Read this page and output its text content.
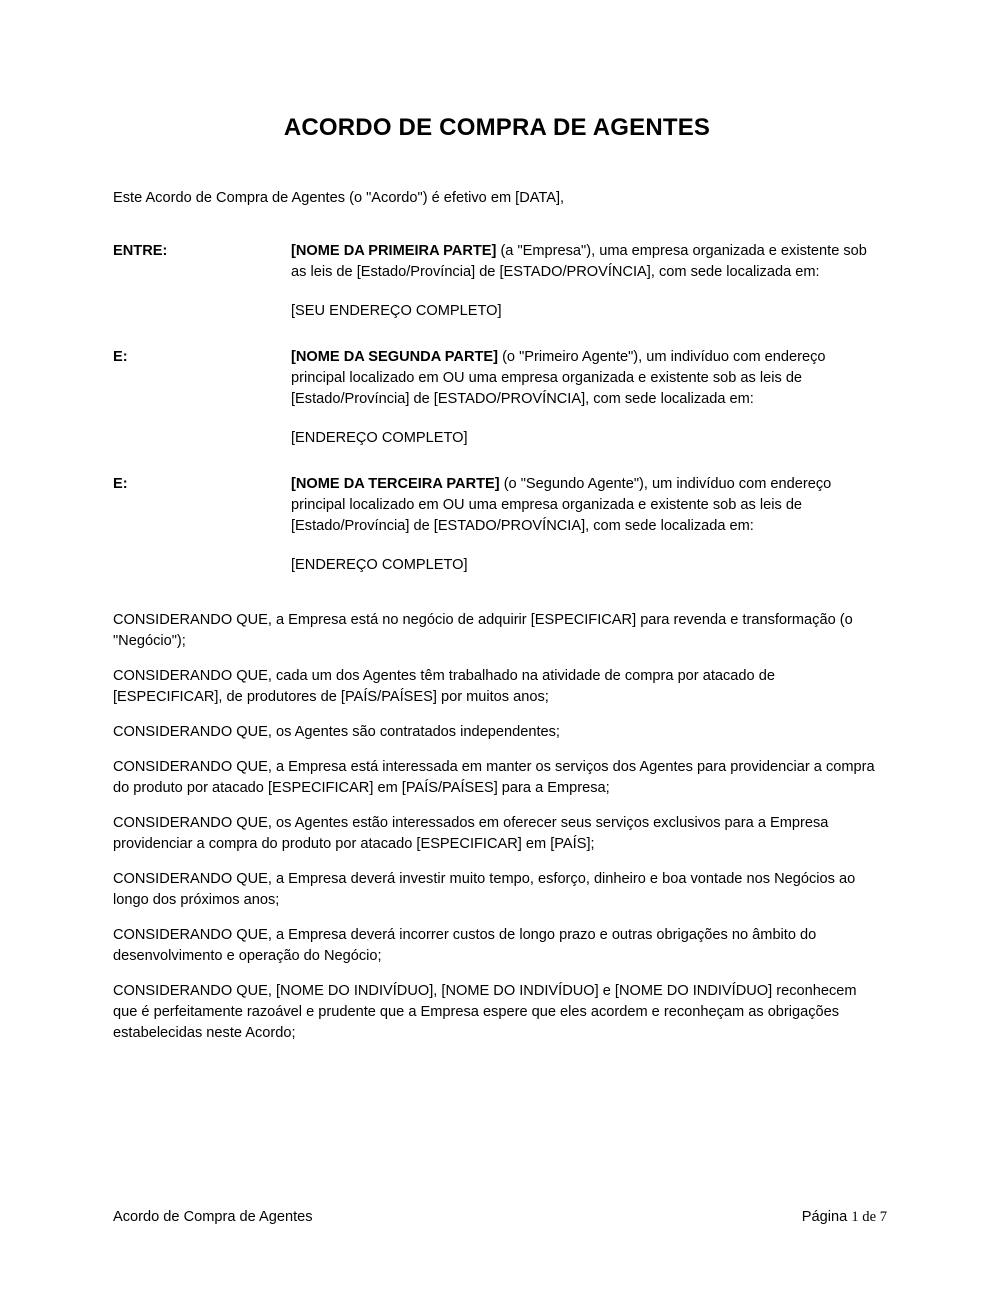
ACORDO DE COMPRA DE AGENTES

Este Acordo de Compra de Agentes (o "Acordo") é efetivo em [DATA],

ENTRE:	[NOME DA PRIMEIRA PARTE] (a "Empresa"), uma empresa organizada e existente sob as leis de [Estado/Província] de [ESTADO/PROVÍNCIA], com sede localizada em:

[SEU ENDEREÇO COMPLETO]

E:	[NOME DA SEGUNDA PARTE] (o "Primeiro Agente"), um indivíduo com endereço principal localizado em OU uma empresa organizada e existente sob as leis de [Estado/Província] de [ESTADO/PROVÍNCIA], com sede localizada em:

[ENDEREÇO COMPLETO]

E:	[NOME DA TERCEIRA PARTE] (o "Segundo Agente"), um indivíduo com endereço principal localizado em OU uma empresa organizada e existente sob as leis de [Estado/Província] de [ESTADO/PROVÍNCIA], com sede localizada em:

[ENDEREÇO COMPLETO]

CONSIDERANDO QUE, a Empresa está no negócio de adquirir [ESPECIFICAR] para revenda e transformação (o "Negócio");

CONSIDERANDO QUE, cada um dos Agentes têm trabalhado na atividade de compra por atacado de [ESPECIFICAR], de produtores de [PAÍS/PAÍSES] por muitos anos;

CONSIDERANDO QUE, os Agentes são contratados independentes;

CONSIDERANDO QUE, a Empresa está interessada em manter os serviços dos Agentes para providenciar a compra do produto por atacado [ESPECIFICAR] em [PAÍS/PAÍSES] para a Empresa;

CONSIDERANDO QUE, os Agentes estão interessados em oferecer seus serviços exclusivos para a Empresa providenciar a compra do produto por atacado [ESPECIFICAR] em [PAÍS];

CONSIDERANDO QUE, a Empresa deverá investir muito tempo, esforço, dinheiro e boa vontade nos Negócios ao longo dos próximos anos;

CONSIDERANDO QUE, a Empresa deverá incorrer custos de longo prazo e outras obrigações no âmbito do desenvolvimento e operação do Negócio;

CONSIDERANDO QUE, [NOME DO INDIVÍDUO], [NOME DO INDIVÍDUO] e [NOME DO INDIVÍDUO] reconhecem que é perfeitamente razoável e prudente que a Empresa espere que eles acordem e reconheçam as obrigações estabelecidas neste Acordo;

Acordo de Compra de Agentes	Página 1 de 7
